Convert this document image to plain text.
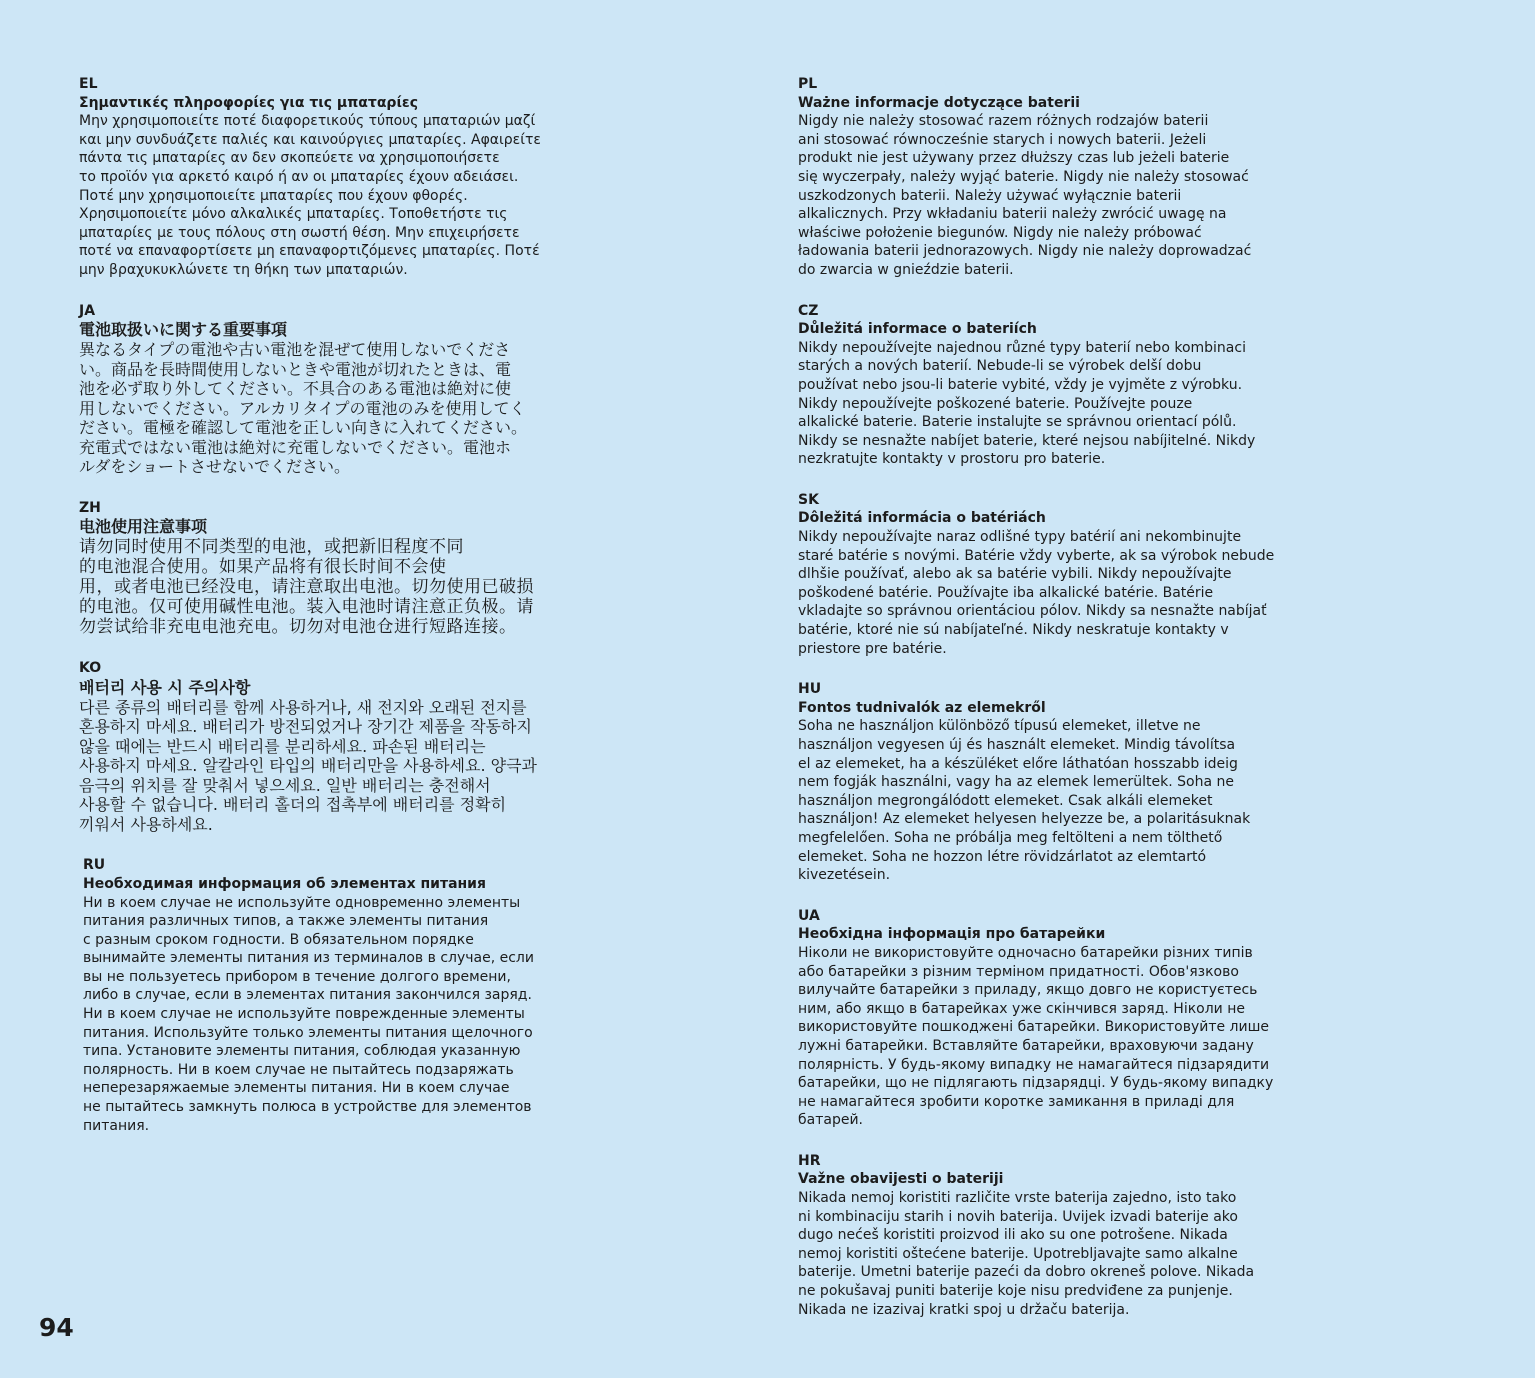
EL

Σημαντικές πληροφορίες για τις μπαταρίες

Μην χρησιμοποιείτε ποτέ διαφορετικούς τύπους μπαταριών μαζί
και μην συνδυάζετε παλιές και καινούργιες μπαταρίες. Αφαιρείτε
πάντα τις μπαταρίες αν δεν σκοπεύετε να χρησιμοποιήσετε
το προϊόν για αρκετό καιρό ή αν οι μπαταρίες έχουν αδειάσει.
Ποτέ μην χρησιμοποιείτε μπαταρίες που έχουν φθορές.
Χρησιμοποιείτε μόνο αλκαλικές μπαταρίες. Τοποθετήστε τις
μπαταρίες με τους πόλους στη σωστή θέση. Μην επιχειρήσετε
ποτέ να επαναφορτίσετε μη επαναφορτιζόμενες μπαταρίες. Ποτέ
μην βραχυκυκλώνετε τη θήκη των μπαταριών.

JA

電池取扱いに関する重要事項

異なるタイプの電池や古い電池を混ぜて使用しないでくださ
い。商品を長時間使用しないときや電池が切れたときは、電
池を必ず取り外してください。不具合のある電池は絶対に使
用しないでください。アルカリタイプの電池のみを使用してく
ださい。電極を確認して電池を正しい向きに入れてください。
充電式ではない電池は絶対に充電しないでください。電池ホ
ルダをショートさせないでください。

ZH

电池使用注意事项

请勿同时使用不同类型的电池，或把新旧程度不同
的电池混合使用。如果产品将有很长时间不会使
用，或者电池已经没电，请注意取出电池。切勿使用已破损
的电池。仅可使用碱性电池。装入电池时请注意正负极。请
勿尝试给非充电电池充电。切勿对电池仓进行短路连接。

KO

배터리 사용 시 주의사항

다른 종류의 배터리를 함께 사용하거나, 새 전지와 오래된 전지를
혼용하지 마세요. 배터리가 방전되었거나 장기간 제품을 작동하지
않을 때에는 반드시 배터리를 분리하세요. 파손된 배터리는
사용하지 마세요. 알칼라인 타입의 배터리만을 사용하세요. 양극과
음극의 위치를 잘 맞춰서 넣으세요. 일반 배터리는 충전해서
사용할 수 없습니다. 배터리 홀더의 접촉부에 배터리를 정확히
끼워서 사용하세요.

RU

Необходимая информация об элементах питания

Ни в коем случае не используйте одновременно элементы
питания различных типов, а также элементы питания
с разным сроком годности. В обязательном порядке
вынимайте элементы питания из терминалов в случае, если
вы не пользуетесь прибором в течение долгого времени,
либо в случае, если в элементах питания закончился заряд.
Ни в коем случае не используйте поврежденные элементы
питания. Используйте только элементы питания щелочного
типа. Установите элементы питания, соблюдая указанную
полярность. Ни в коем случае не пытайтесь подзаряжать
неперезаряжаемые элементы питания. Ни в коем случае
не пытайтесь замкнуть полюса в устройстве для элементов
питания.

PL

Ważne informacje dotyczące baterii

Nigdy nie należy stosować razem różnych rodzajów baterii
ani stosować równocześnie starych i nowych baterii. Jeżeli
produkt nie jest używany przez dłuższy czas lub jeżeli baterie
się wyczerpały, należy wyjąć baterie. Nigdy nie należy stosować
uszkodzonych baterii. Należy używać wyłącznie baterii
alkalicznych. Przy wkładaniu baterii należy zwrócić uwagę na
właściwe położenie biegunów. Nigdy nie należy próbować
ładowania baterii jednorazowych. Nigdy nie należy doprowadzać
do zwarcia w gnieździe baterii.

CZ

Důležitá informace o bateriích

Nikdy nepoužívejte najednou různé typy baterií nebo kombinaci
starých a nových baterií. Nebude-li se výrobek delší dobu
používat nebo jsou-li baterie vybité, vždy je vyjměte z výrobku.
Nikdy nepoužívejte poškozené baterie. Používejte pouze
alkalické baterie. Baterie instalujte se správnou orientací pólů.
Nikdy se nesnažte nabíjet baterie, které nejsou nabíjitelné. Nikdy
nezkratujte kontakty v prostoru pro baterie.

SK

Dôležitá informácia o batériách

Nikdy nepoužívajte naraz odlišné typy batérií ani nekombinujte
staré batérie s novými. Batérie vždy vyberte, ak sa výrobok nebude
dlhšie používať, alebo ak sa batérie vybili. Nikdy nepoužívajte
poškodené batérie. Používajte iba alkalické batérie. Batérie
vkladajte so správnou orientáciou pólov. Nikdy sa nesnažte nabíjať
batérie, ktoré nie sú nabíjateľné. Nikdy neskratuje kontakty v
priestore pre batérie.

HU

Fontos tudnivalók az elemekről

Soha ne használjon különböző típusú elemeket, illetve ne
használjon vegyesen új és használt elemeket. Mindig távolítsa
el az elemeket, ha a készüléket előre láthatóan hosszabb ideig
nem fogják használni, vagy ha az elemek lemerültek. Soha ne
használjon megrongálódott elemeket. Csak alkáli elemeket
használjon! Az elemeket helyesen helyezze be, a polaritásuknak
megfelelően. Soha ne próbálja meg feltölteni a nem tölthető
elemeket. Soha ne hozzon létre rövidzárlatot az elemtartó
kivezetésein.

UA

Необхідна інформація про батарейки

Ніколи не використовуйте одночасно батарейки різних типів
або батарейки з різним терміном придатності. Обов'язково
вилучайте батарейки з приладу, якщо довго не користуєтесь
ним, або якщо в батарейках уже скінчився заряд. Ніколи не
використовуйте пошкоджені батарейки. Використовуйте лише
лужні батарейки. Вставляйте батарейки, враховуючи задану
полярність. У будь-якому випадку не намагайтеся підзарядити
батарейки, що не підлягають підзарядці. У будь-якому випадку
не намагайтеся зробити коротке замикання в приладі для
батарей.

HR

Važne obavijesti o bateriji

Nikada nemoj koristiti različite vrste baterija zajedno, isto tako
ni kombinaciju starih i novih baterija. Uvijek izvadi baterije ako
dugo nećeš koristiti proizvod ili ako su one potrošene. Nikada
nemoj koristiti oštećene baterije. Upotrebljavajte samo alkalne
baterije. Umetni baterije pazeći da dobro okreneš polove. Nikada
ne pokušavaj puniti baterije koje nisu predviđene za punjenje.
Nikada ne izazivaj kratki spoj u držaču baterija.

94
